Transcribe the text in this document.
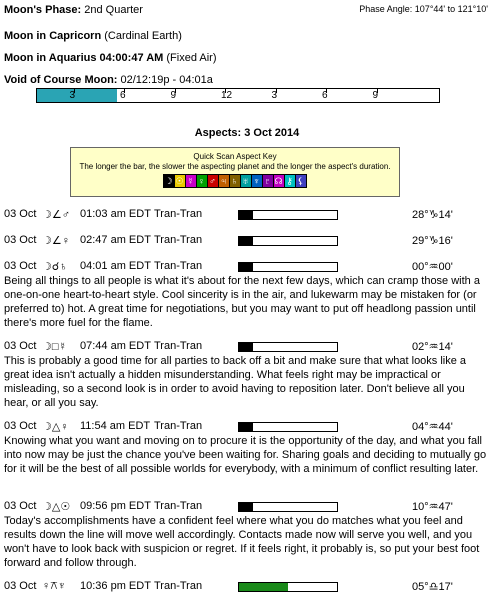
Moon's Phase: 2nd Quarter	Phase Angle: 107°44' to 121°10'
Moon in Capricorn (Cardinal Earth)
Moon in Aquarius 04:00:47 AM (Fixed Air)
Void of Course Moon: 02/12:19p - 04:01a
3	6	9	12	3	6	9
Aspects: 3 Oct 2014
Quick Scan Aspect Key
The longer the bar, the slower the aspecting planet and the longer the aspect's duration.
☽ ☉ ☿ ♀ ♂ ♃ ♄ ♅ ♆ ♇ ☊ ⚷ ⚸
03 Oct ☽∠♂ 01:03 am EDT Tran-Tran	28°♑14'
03 Oct ☽∠♀ 02:47 am EDT Tran-Tran	29°♑16'
03 Oct ☽☌♄ 04:01 am EDT Tran-Tran	00°♒00'
Being all things to all people is what it's about for the next few days, which can cramp those with a one-on-one heart-to-heart style. Cool sincerity is in the air, and lukewarm may be mistaken for (or preferred to) hot. A great time for negotiations, but you may want to put off headlong passion until there's more fuel for the flame.
03 Oct ☽□☿ 07:44 am EDT Tran-Tran	02°♒14'
This is probably a good time for all parties to back off a bit and make sure that what looks like a great idea isn't actually a hidden misunderstanding. What feels right may be impractical or misleading, so a second look is in order to avoid having to reposition later. Don't believe all you hear, or all you say.
03 Oct ☽△♀ 11:54 am EDT Tran-Tran	04°♒44'
Knowing what you want and moving on to procure it is the opportunity of the day, and what you fall into now may be just the chance you've been waiting for. Sharing goals and deciding to mutually go for it will be the best of all possible worlds for everybody, with a minimum of conflict resulting later.
03 Oct ☽△☉ 09:56 pm EDT Tran-Tran	10°♒47'
Today's accomplishments have a confident feel where what you do matches what you feel and results down the line will move well accordingly. Contacts made now will serve you well, and you won't have to look back with suspicion or regret. If it feels right, it probably is, so put your best foot forward and follow through.
03 Oct ♀⚻♆ 10:36 pm EDT Tran-Tran	05°♎17'
